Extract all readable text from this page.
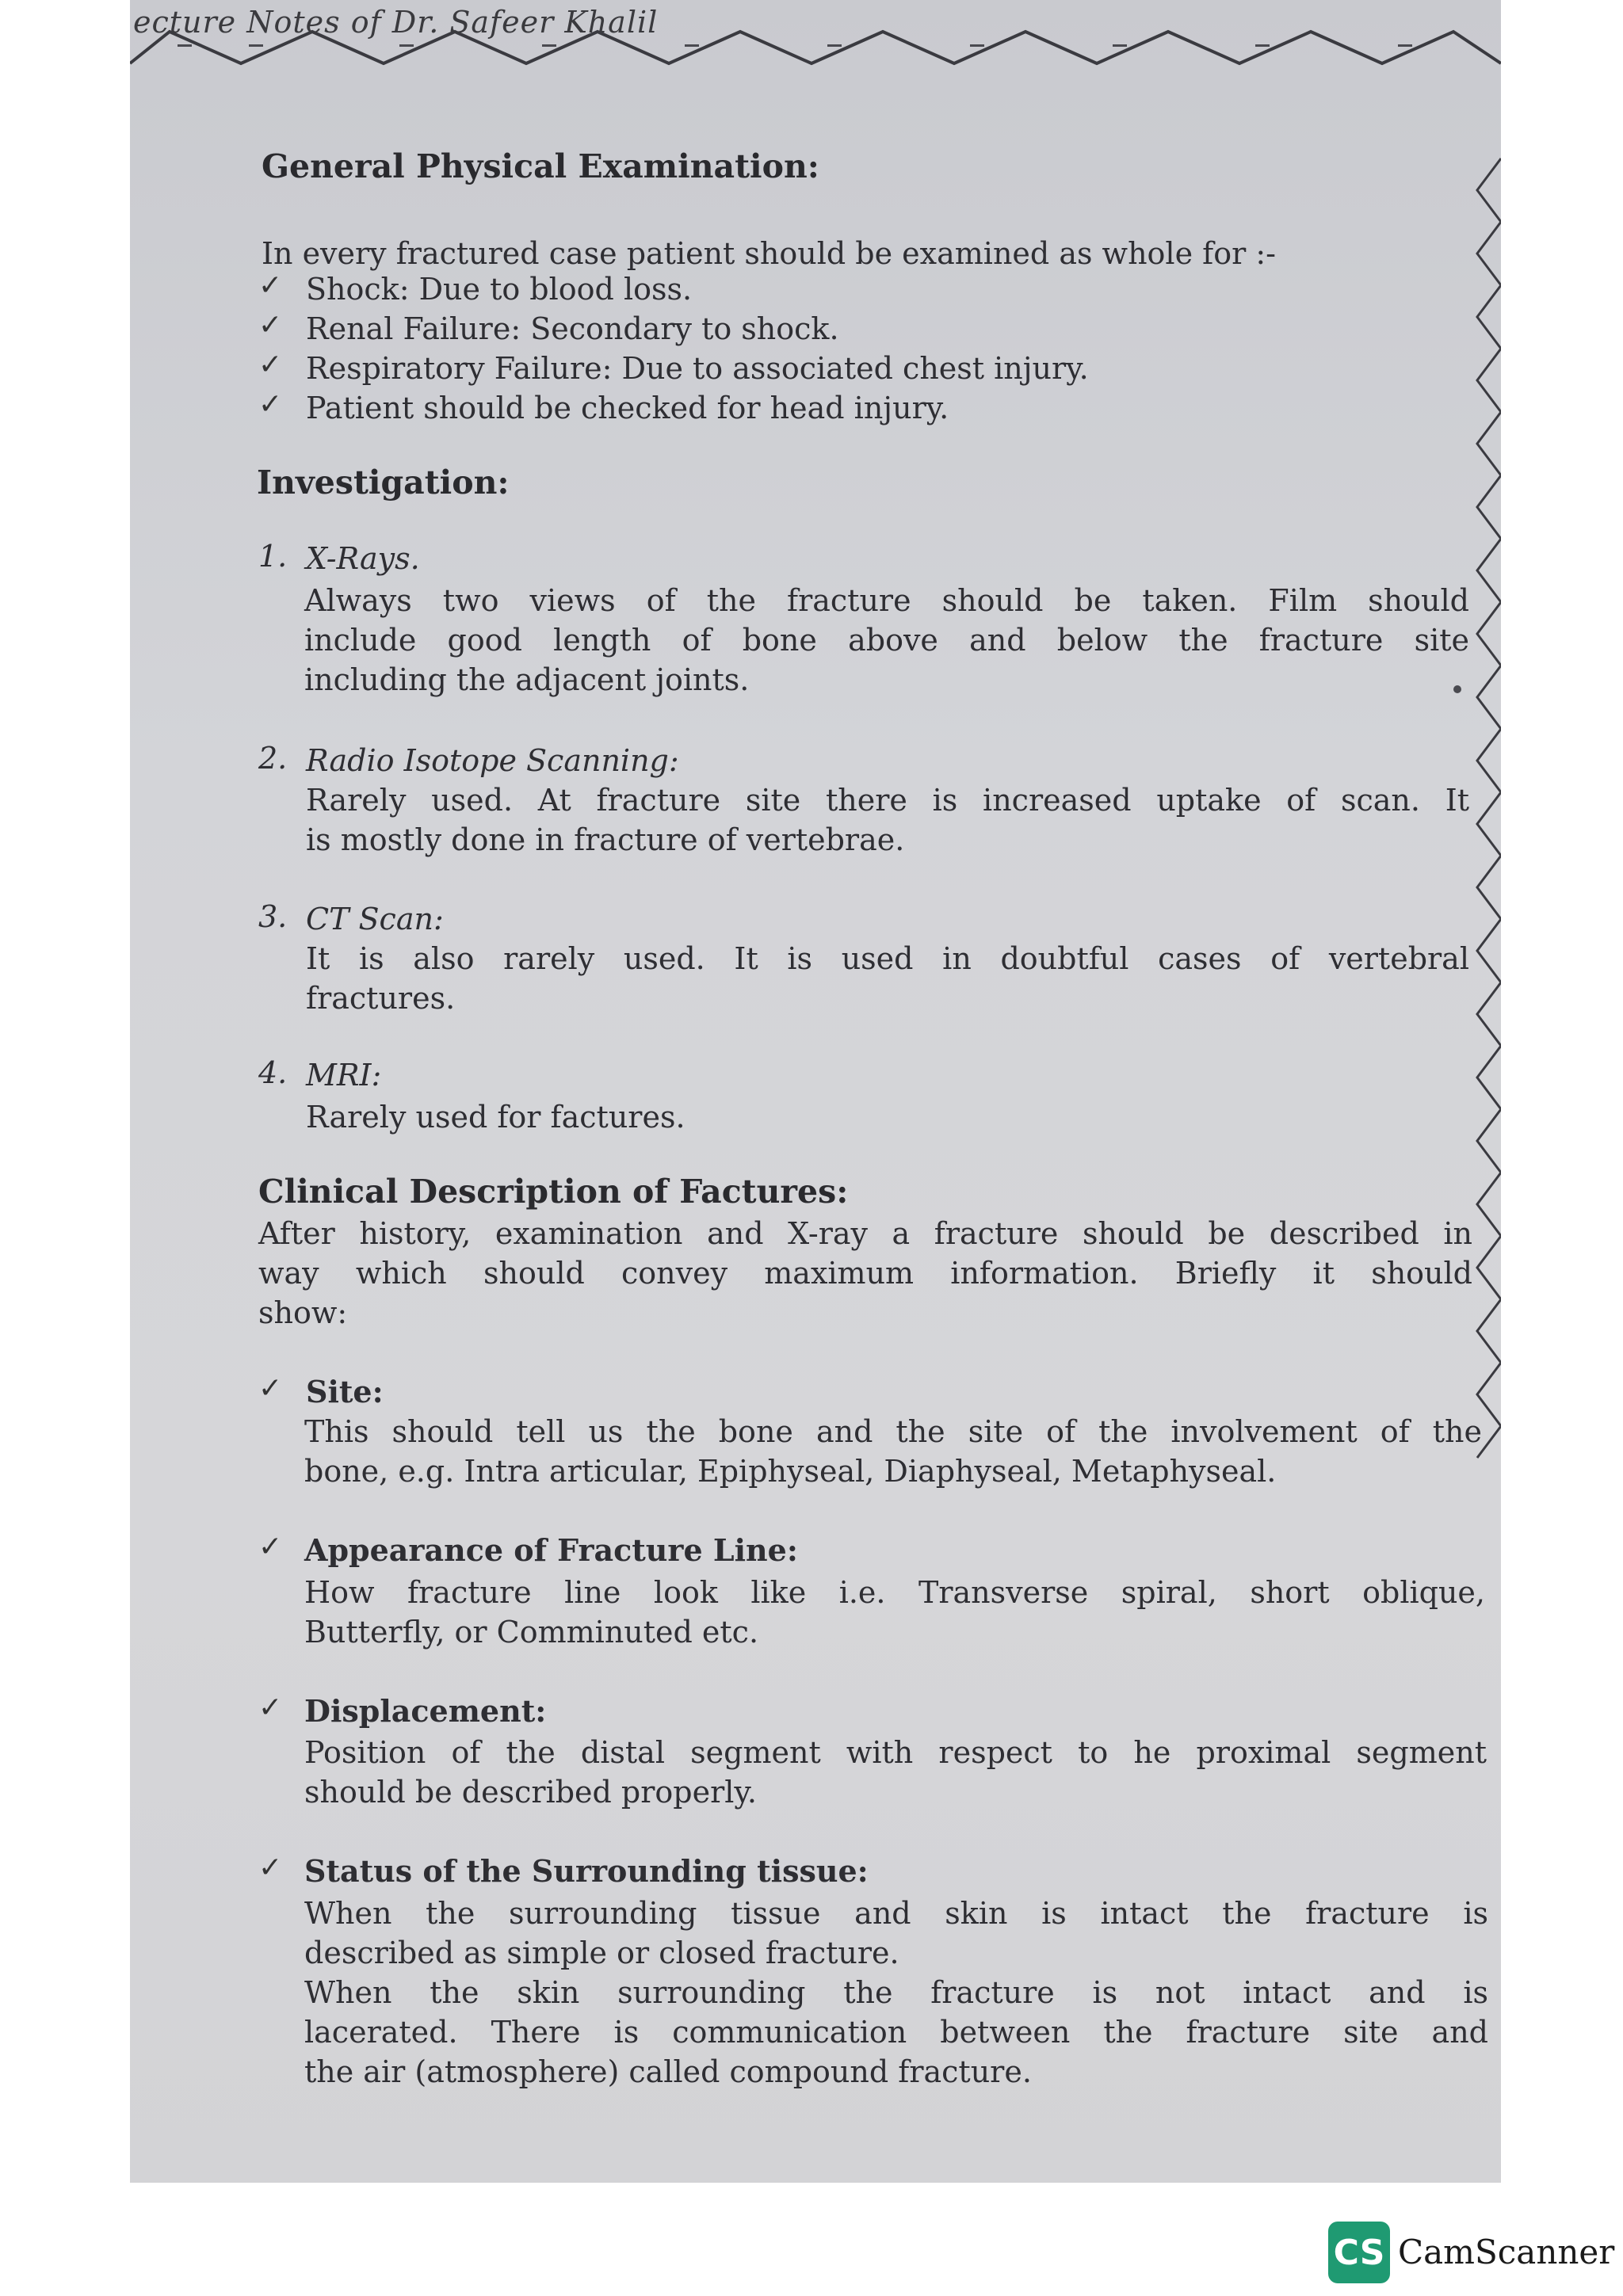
ecture Notes of Dr. Safeer Khalil
General Physical Examination:
In every fractured case patient should be examined as whole for :-
✓ Shock: Due to blood loss.
✓ Renal Failure: Secondary to shock.
✓ Respiratory Failure: Due to associated chest injury.
✓ Patient should be checked for head injury.
Investigation:
1. X-Rays.
Always two views of the fracture should be taken. Film should
include good length of bone above and below the fracture site
including the adjacent joints.
2. Radio Isotope Scanning:
Rarely used. At fracture site there is increased uptake of scan. It
is mostly done in fracture of vertebrae.
3. CT Scan:
It is also rarely used. It is used in doubtful cases of vertebral
fractures.
4. MRI:
Rarely used for factures.
Clinical Description of Factures:
After history, examination and X-ray a fracture should be described in
way which should convey maximum information. Briefly it should
show:
✓ Site:
This should tell us the bone and the site of the involvement of the
bone, e.g. Intra articular, Epiphyseal, Diaphyseal, Metaphyseal.
✓ Appearance of Fracture Line:
How fracture line look like i.e. Transverse spiral, short oblique,
Butterfly, or Comminuted etc.
✓ Displacement:
Position of the distal segment with respect to he proximal segment
should be described properly.
✓ Status of the Surrounding tissue:
When the surrounding tissue and skin is intact the fracture is
described as simple or closed fracture.
When the skin surrounding the fracture is not intact and is
lacerated. There is communication between the fracture site and
the air (atmosphere) called compound fracture.
CS CamScanner
